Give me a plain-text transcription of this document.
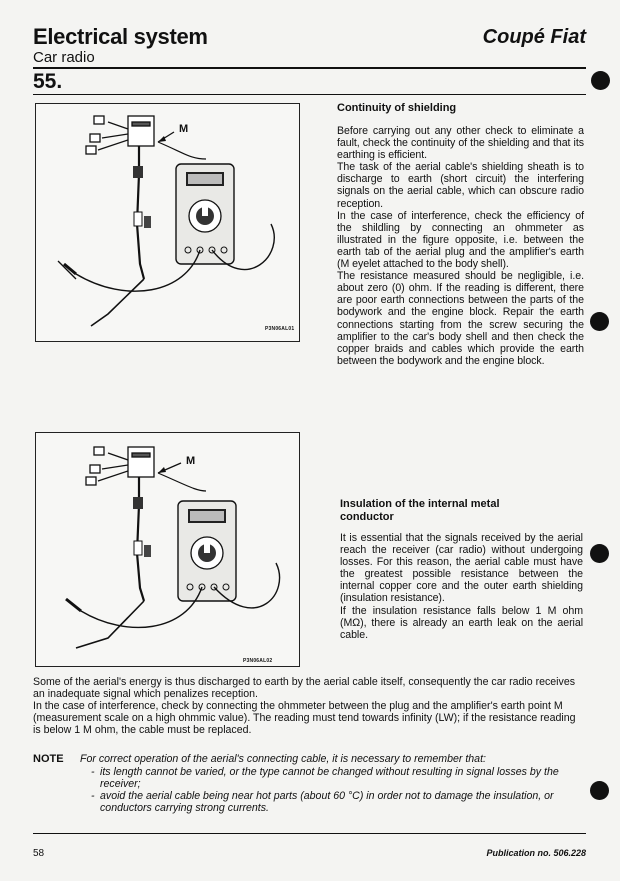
Electrical system	Coupé Fiat
Car radio
55.
M
P3N06AL01
M
P3N06AL02
Continuity of shielding

Before carrying out any other check to eliminate a fault, check the continuity of the shielding and that its earthing is efficient.

The task of the aerial cable's shielding sheath is to discharge to earth (short circuit) the interfering signals on the aerial cable, which can obscure radio reception.

In the case of interference, check the efficiency of the shildling by connecting an ohmmeter as illustrated in the figure opposite, i.e. between the earth tab of the aerial plug and the amplifier's earth (M eyelet attached to the body shell).

The resistance measured should be negligible, i.e. about zero (0) ohm. If the reading is different, there are poor earth connections between the parts of the bodywork and the engine block. Repair the earth connections starting from the screw securing the amplifier to the car's body shell and then check the copper braids and cables which provide the earth between the bodywork and the engine block.

Insulation of the internal metal
conductor

It is essential that the signals received by the aerial reach the receiver (car radio) without undergoing losses. For this reason, the aerial cable must have the greatest possible resistance between the internal copper core and the outer earth shielding (insulation resistance).

If the insulation resistance falls below 1 M ohm (MΩ), there is already an earth leak on the aerial cable.

Some of the aerial's energy is thus discharged to earth by the aerial cable itself, consequently the car radio receives an inadequate signal which penalizes reception.

In the case of interference, check by connecting the ohmmeter between the plug and the amplifier's earth point M (measurement scale on a high ohmmic value). The reading must tend towards infinity (LW); if the resistance reading is below 1 M ohm, the cable must be replaced.

NOTE For correct operation of the aerial's connecting cable, it is necessary to remember that:
- its length cannot be varied, or the type cannot be changed without resulting in signal losses by the receiver;
- avoid the aerial cable being near hot parts (about 60 °C) in order not to damage the insulation, or conductors carrying strong currents.
58	Publication no. 506.228
